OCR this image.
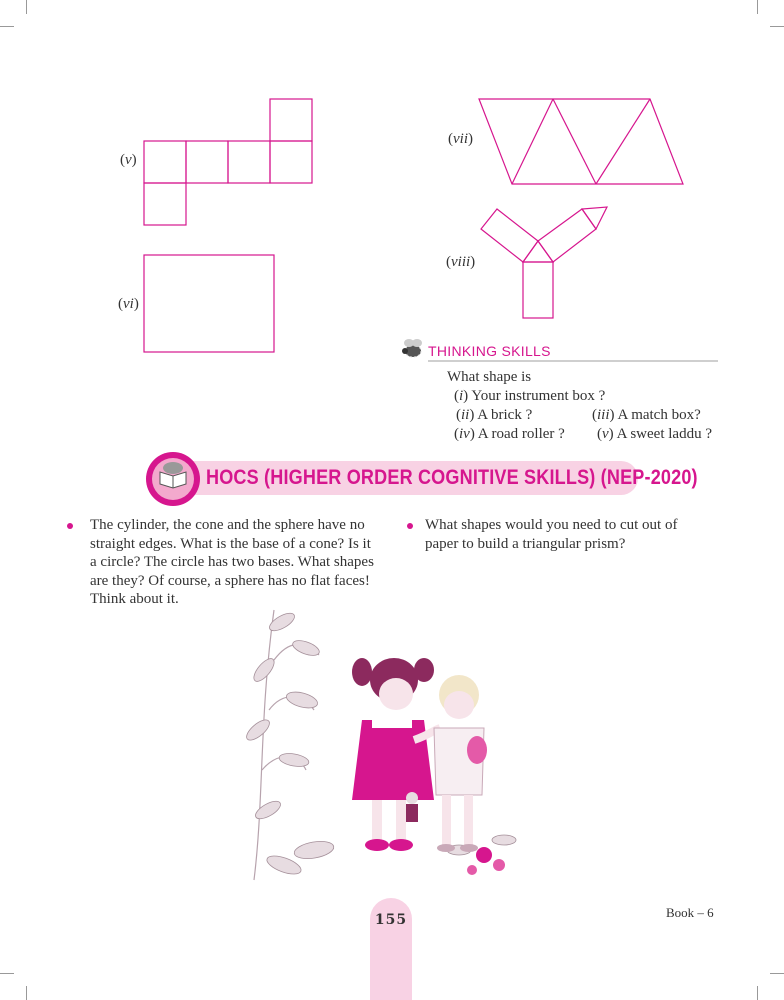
(v)
(vi)
(vii)
(viii)
THINKING SKILLS
What shape is
(i) Your instrument box ?
(ii) A brick ?	(iii) A match box?
(iv) A road roller ? (v) A sweet laddu ?
HOCS (HIGHER ORDER COGNITIVE SKILLS) (NEP-2020)
The cylinder, the cone and the sphere have no
straight edges. What is the base of a cone? Is it
a circle? The circle has two bases. What shapes
are they? Of course, a sphere has no flat faces!
Think about it.
What shapes would you need to cut out of
paper to build a triangular prism?
155	Book – 6
